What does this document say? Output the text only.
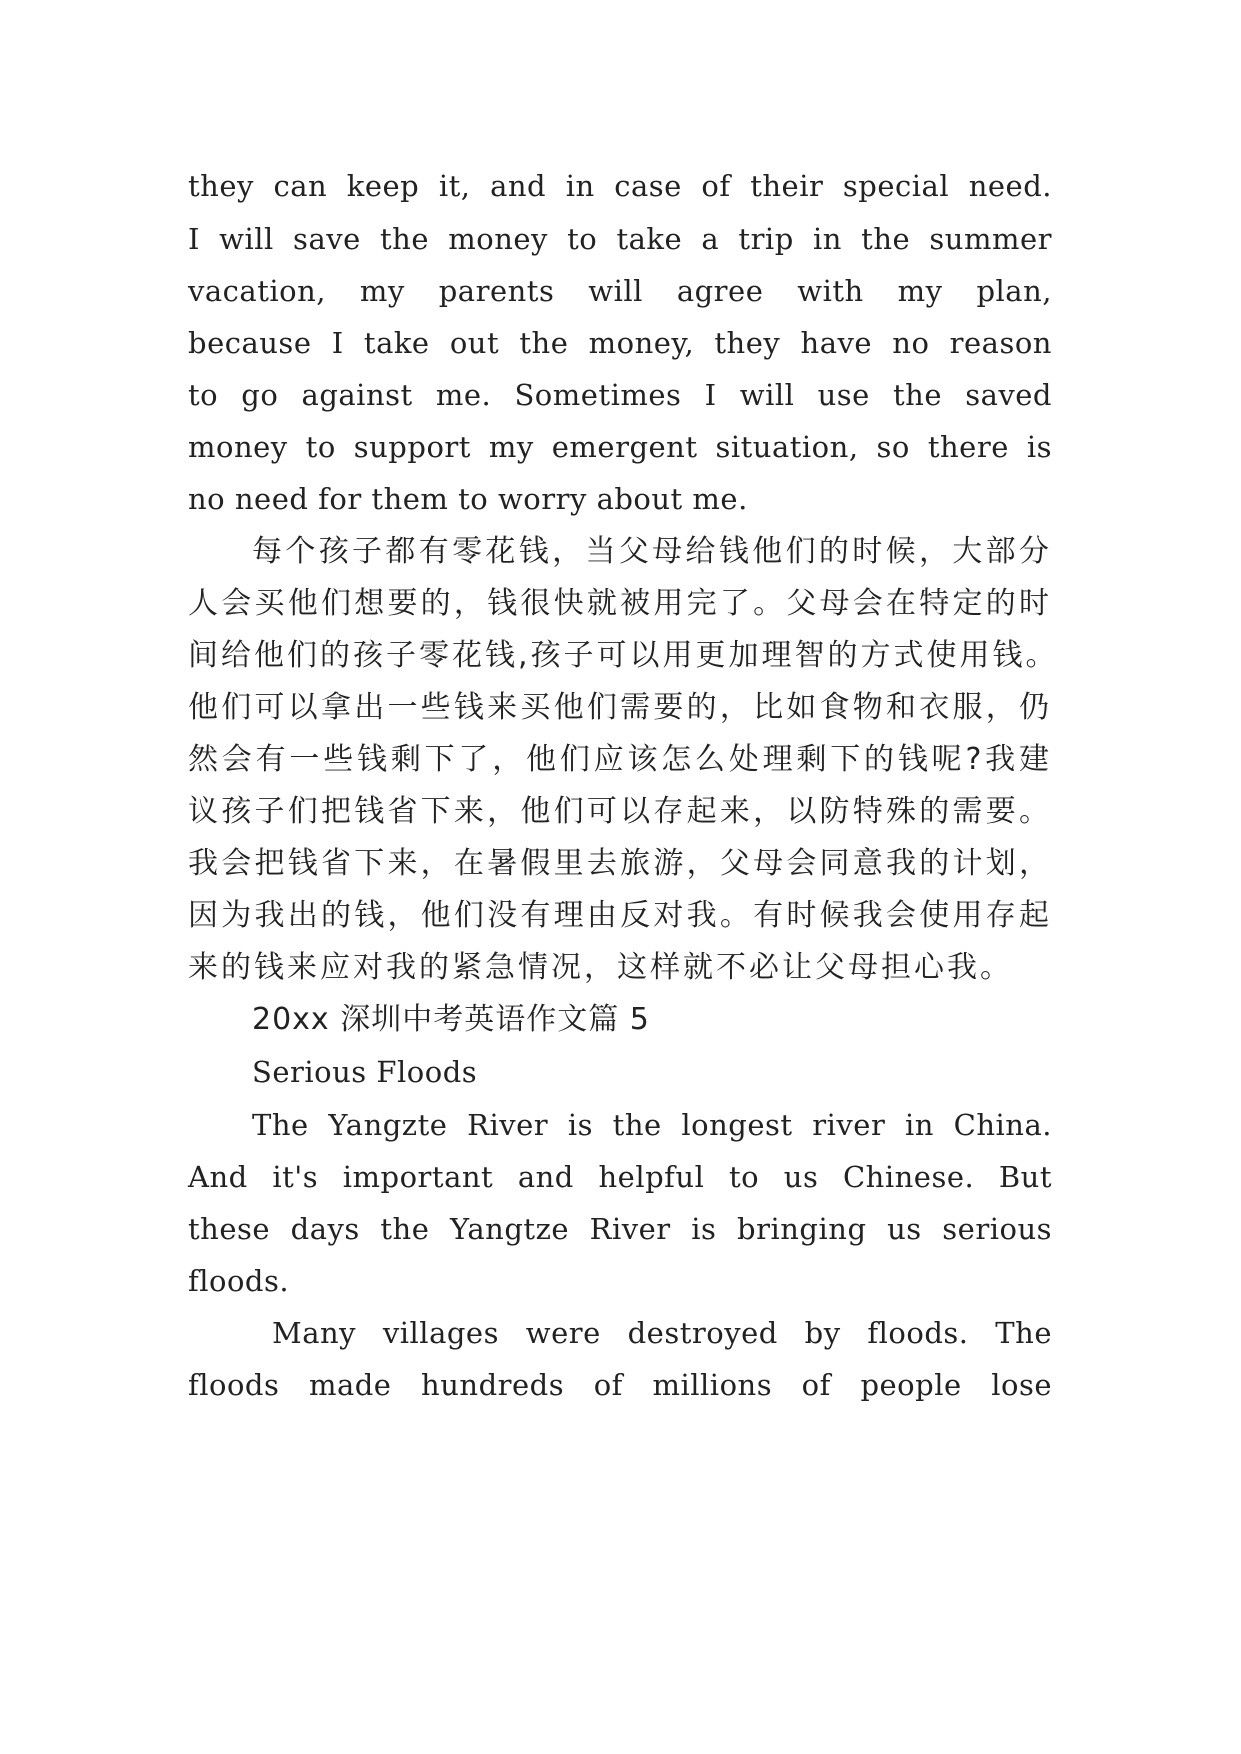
they can keep it, and in case of their special need.
I will save the money to take a trip in the summer
vacation, my parents will agree with my plan,
because I take out the money, they have no reason
to go against me. Sometimes I will use the saved
money to support my emergent situation, so there is
no need for them to worry about me.
每个孩子都有零花钱，当父母给钱他们的时候，大部分
人会买他们想要的，钱很快就被用完了。父母会在特定的时
间给他们的孩子零花钱,孩子可以用更加理智的方式使用钱。
他们可以拿出一些钱来买他们需要的，比如食物和衣服，仍
然会有一些钱剩下了，他们应该怎么处理剩下的钱呢?我建
议孩子们把钱省下来，他们可以存起来，以防特殊的需要。
我会把钱省下来，在暑假里去旅游，父母会同意我的计划，
因为我出的钱，他们没有理由反对我。有时候我会使用存起
来的钱来应对我的紧急情况，这样就不必让父母担心我。
20xx 深圳中考英语作文篇 5
Serious Floods
The Yangzte River is the longest river in China.
And it's important and helpful to us Chinese. But
these days the Yangtze River is bringing us serious
floods.
Many villages were destroyed by floods. The
floods made hundreds of millions of people lose
